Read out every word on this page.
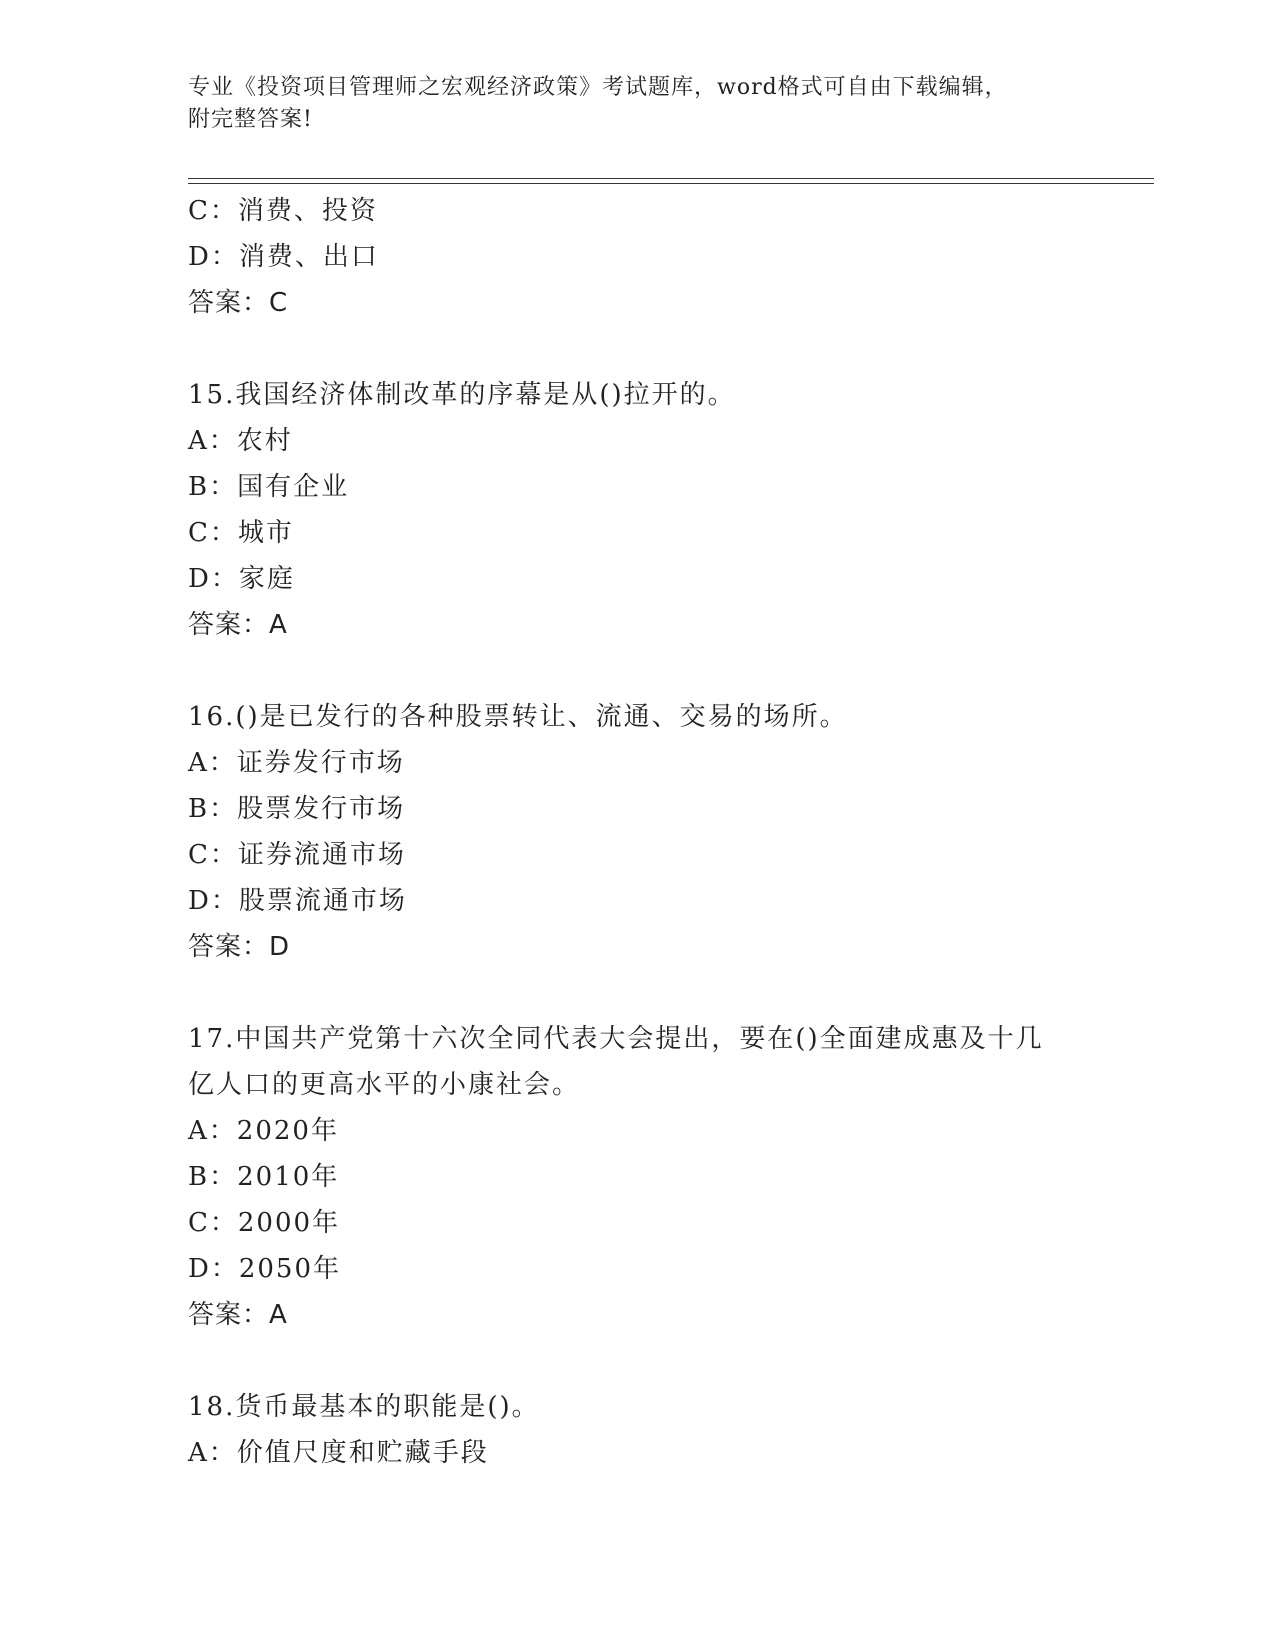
专业《投资项目管理师之宏观经济政策》考试题库，word格式可自由下载编辑，
附完整答案!
C：消费、投资
D：消费、出口
答案：C
15.我国经济体制改革的序幕是从()拉开的。
A：农村
B：国有企业
C：城市
D：家庭
答案：A
16.()是已发行的各种股票转让、流通、交易的场所。
A：证券发行市场
B：股票发行市场
C：证券流通市场
D：股票流通市场
答案：D
17.中国共产党第十六次全同代表大会提出，要在()全面建成惠及十几亿人口的更高水平的小康社会。
A：2020年
B：2010年
C：2000年
D：2050年
答案：A
18.货币最基本的职能是()。
A：价值尺度和贮藏手段
